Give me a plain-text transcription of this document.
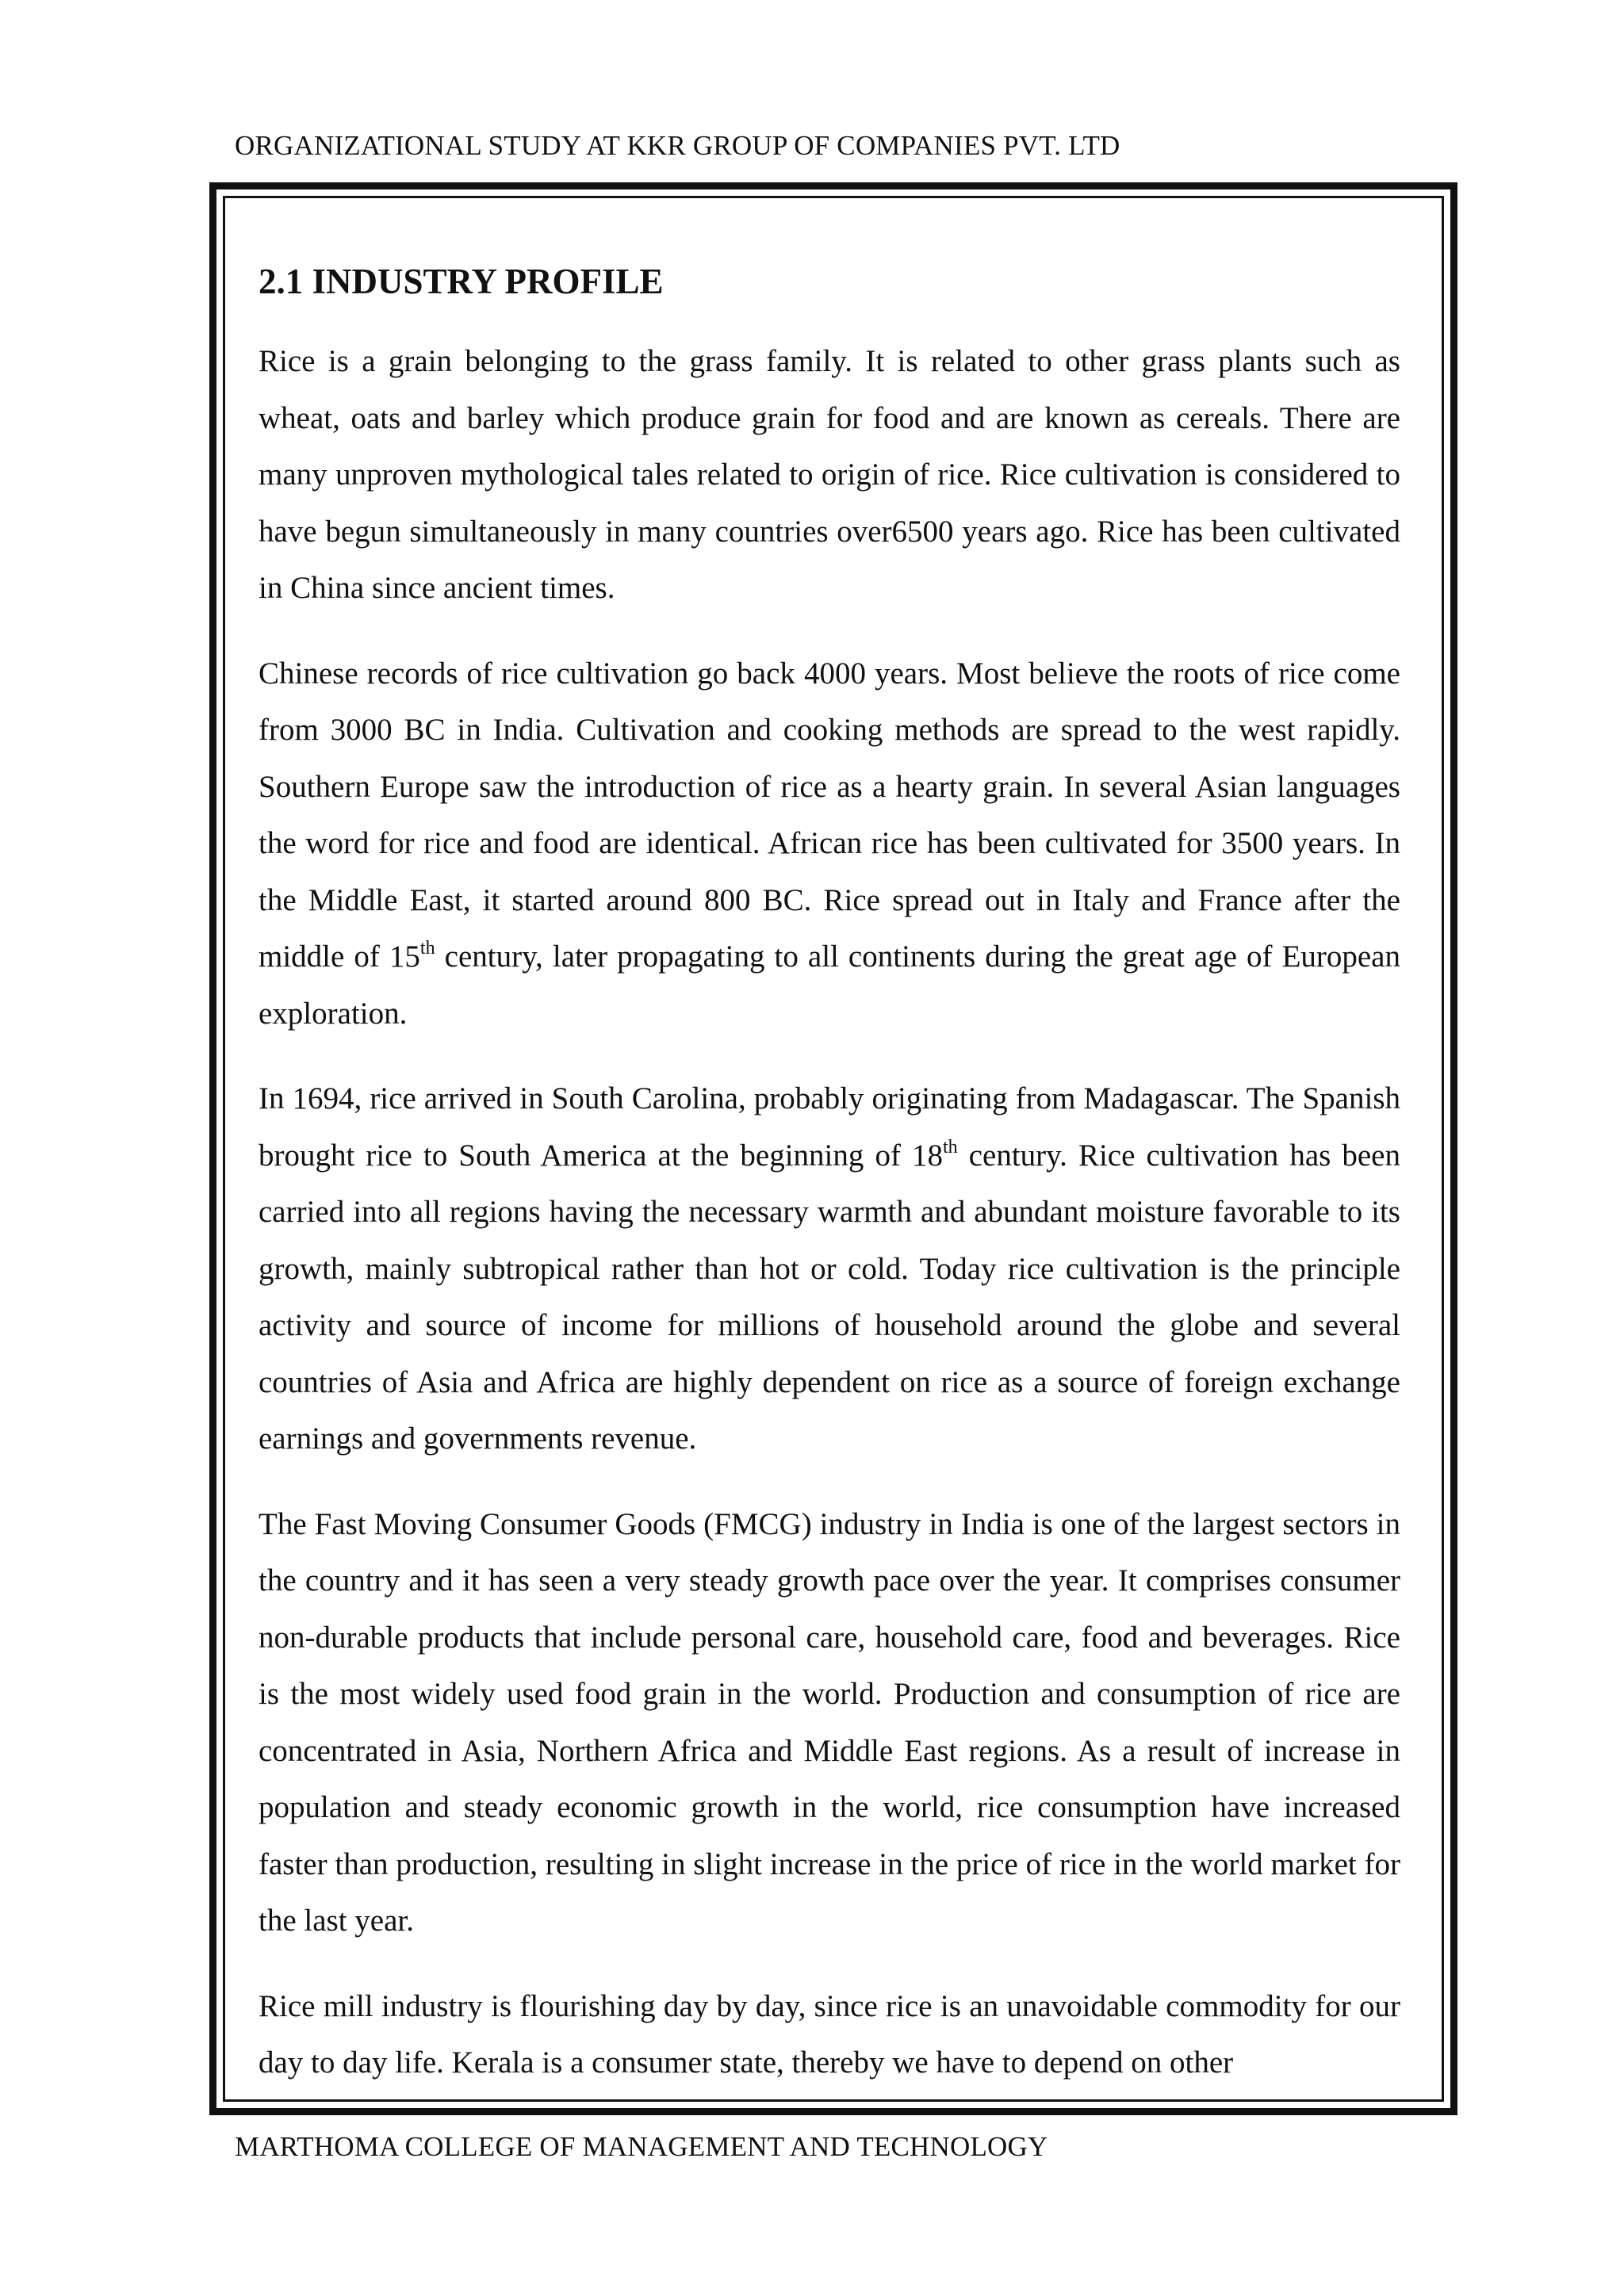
ORGANIZATIONAL STUDY AT KKR GROUP OF COMPANIES PVT. LTD
2.1 INDUSTRY PROFILE

Rice is a grain belonging to the grass family. It is related to other grass plants such as wheat, oats and barley which produce grain for food and are known as cereals. There are many unproven mythological tales related to origin of rice. Rice cultivation is considered to have begun simultaneously in many countries over6500 years ago. Rice has been cultivated in China since ancient times.

Chinese records of rice cultivation go back 4000 years. Most believe the roots of rice come from 3000 BC in India. Cultivation and cooking methods are spread to the west rapidly. Southern Europe saw the introduction of rice as a hearty grain. In several Asian languages the word for rice and food are identical. African rice has been cultivated for 3500 years. In the Middle East, it started around 800 BC. Rice spread out in Italy and France after the middle of 15th century, later propagating to all continents during the great age of European exploration.

In 1694, rice arrived in South Carolina, probably originating from Madagascar. The Spanish brought rice to South America at the beginning of 18th century. Rice cultivation has been carried into all regions having the necessary warmth and abundant moisture favorable to its growth, mainly subtropical rather than hot or cold. Today rice cultivation is the principle activity and source of income for millions of household around the globe and several countries of Asia and Africa are highly dependent on rice as a source of foreign exchange earnings and governments revenue.

The Fast Moving Consumer Goods (FMCG) industry in India is one of the largest sectors in the country and it has seen a very steady growth pace over the year. It comprises consumer non-durable products that include personal care, household care, food and beverages. Rice is the most widely used food grain in the world. Production and consumption of rice are concentrated in Asia, Northern Africa and Middle East regions. As a result of increase in population and steady economic growth in the world, rice consumption have increased faster than production, resulting in slight increase in the price of rice in the world market for the last year.

Rice mill industry is flourishing day by day, since rice is an unavoidable commodity for our day to day life. Kerala is a consumer state, thereby we have to depend on other

MARTHOMA COLLEGE OF MANAGEMENT AND TECHNOLOGY
